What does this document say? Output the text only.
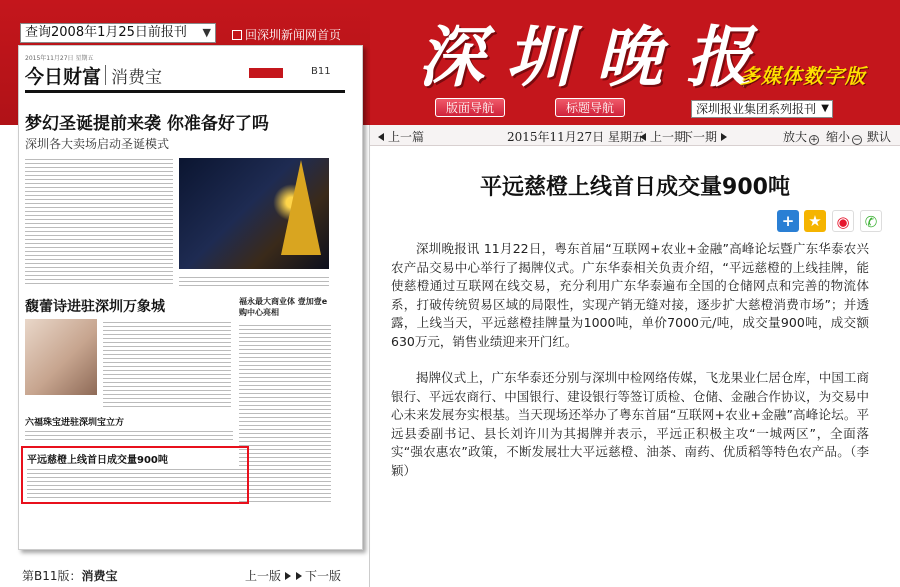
查询2008年1月25日前报刊 ▼	回深圳新闻网首页 深 圳 晚 报
多媒体数字版
版面导航	标题导航	深圳报业集团系列报刊 ▼
2015年11月27日 星期五
今日财富 消费宝	B11
梦幻圣诞提前来袭 你准备好了吗
深圳各大卖场启动圣诞模式
馥蕾诗进驻深圳万象城	福永最大商业体 壹加壹e购中心亮相
六福珠宝进驻深圳宝立方
平远慈橙上线首日成交量900吨
第B11版：消费宝	上一版	下一版
上一篇	2015年11月27日 星期五 上一期
下一期	放大 + 缩小 − 默认
平远慈橙上线首日成交量900吨
+ ★ ◉	✆

深圳晚报讯 11月22日，粤东首届“互联网+农业+金融”高峰论坛暨广东华泰农兴农产品交易中心举行了揭牌仪式。广东华泰相关负责介绍，“平远慈橙的上线挂牌，能使慈橙通过互联网在线交易，充分利用广东华泰遍布全国的仓储网点和完善的物流体系，打破传统贸易区域的局限性，实现产销无缝对接，逐步扩大慈橙消费市场”；并透露，上线当天，平远慈橙挂牌量为1000吨，单价7000元/吨，成交量900吨，成交额630万元，销售业绩迎来开门红。

揭牌仪式上，广东华泰还分别与深圳中检网络传媒，飞龙果业仁居仓库，中国工商银行、平远农商行、中国银行、建设银行等签订质检、仓储、金融合作协议，为交易中心未来发展夯实根基。当天现场还举办了粤东首届“互联网+农业+金融”高峰论坛。平远县委副书记、县长刘许川为其揭牌并表示，平远正积极主攻“一城两区”，全面落实“强农惠农”政策，不断发展壮大平远慈橙、油茶、南药、优质稻等特色农产品。（李颖）
